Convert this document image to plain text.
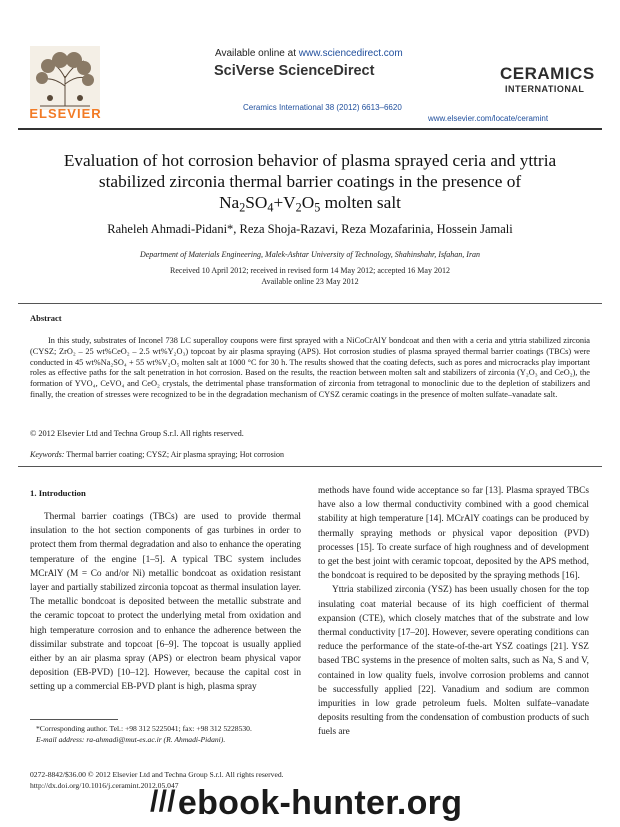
ELSEVIER
Available online at www.sciencedirect.com
SciVerse ScienceDirect
Ceramics International 38 (2012) 6613–6620
CERAMICS
INTERNATIONAL
www.elsevier.com/locate/ceramint
Evaluation of hot corrosion behavior of plasma sprayed ceria and yttria
stabilized zirconia thermal barrier coatings in the presence of
$Na_2SO_4+V_2O_5$ molten salt
Raheleh Ahmadi-Pidani*, Reza Shoja-Razavi, Reza Mozafarinia, Hossein Jamali
Department of Materials Engineering, Malek-Ashtar University of Technology, Shahinshahr, Isfahan, Iran
Received 10 April 2012; received in revised form 14 May 2012; accepted 16 May 2012
Available online 23 May 2012
Abstract
In this study, substrates of Inconel 738 LC superalloy coupons were first sprayed with a NiCoCrAlY bondcoat and then with a ceria and yttria stabilized zirconia (CYSZ; ZrO₂ – 25 wt%CeO₂ – 2.5 wt%Y₂O₃) topcoat by air plasma spraying (APS). Hot corrosion studies of plasma sprayed thermal barrier coatings (TBCs) were conducted in 45 wt%Na₂SO₄ + 55 wt%V₂O₅ molten salt at 1000 °C for 30 h. The results showed that the coating defects, such as pores and microcracks play important roles as effective paths for the salt penetration in hot corrosion. Based on the results, the reaction between molten salt and stabilizers of zirconia (Y₂O₃ and CeO₂), the formation of YVO₄, CeVO₄ and CeO₂ crystals, the detrimental phase transformation of zirconia from tetragonal to monoclinic due to the depletion of stabilizers and finally, the creation of stresses were recognized to be in the degradation mechanism of CYSZ ceramic coatings in the presence of molten sulfate–vanadate salt.
© 2012 Elsevier Ltd and Techna Group S.r.l. All rights reserved.
Keywords: Thermal barrier coating; CYSZ; Air plasma spraying; Hot corrosion
1. Introduction
Thermal barrier coatings (TBCs) are used to provide thermal insulation to the hot section components of gas turbines in order to protect them from thermal degradation and also to enhance the operating temperature of the engine [1–5]. A typical TBC system includes MCrAlY (M = Co and/or Ni) metallic bondcoat as oxidation resistant layer and partially stabilized zirconia topcoat as thermal insulation layer. The metallic bondcoat is deposited between the metallic substrate and the ceramic topcoat to protect the underlying metal from oxidation and high temperature corrosion and to enhance the adherence between the dissimilar substrate and topcoat [6–9]. The topcoat is usually applied either by an air plasma spray (APS) or electron beam physical vapor deposition (EB-PVD) [10–12]. However, because the capital cost in setting up a commercial EB-PVD plant is high, plasma spray

methods have found wide acceptance so far [13]. Plasma sprayed TBCs have also a low thermal conductivity combined with a good chemical stability at high temperature [14]. MCrAlY coatings can be produced by thermally spraying methods or physical vapor deposition (PVD) processes [15]. To create surface of high roughness and of development to get the best joint with ceramic topcoat, deposited by the APS method, the bondcoat is required to be deposited by the spraying methods [16].

Yttria stabilized zirconia (YSZ) has been usually chosen for the top insulating coat material because of its high coefficient of thermal expansion (CTE), which closely matches that of the substrate and low thermal conductivity [17–20]. However, severe operating conditions can reduce the performance of the state-of-the-art YSZ coatings [21]. YSZ based TBC systems in the presence of molten salts, such as Na, S and V, contained in low quality fuels, involve corrosion problems and cannot be successfully applied [22]. Vanadium and sodium are common impurities in low grade petroleum fuels. Molten sulfate–vanadate deposits resulting from the condensation of combustion products of such fuels are

*Corresponding author. Tel.: +98 312 5225041; fax: +98 312 5228530.
E-mail address: ra-ahmadi@mut-es.ac.ir (R. Ahmadi-Pidani).
0272-8842/$36.00 © 2012 Elsevier Ltd and Techna Group S.r.l. All rights reserved.
http://dx.doi.org/10.1016/j.ceramint.2012.05.047
///ebook-hunter.org
